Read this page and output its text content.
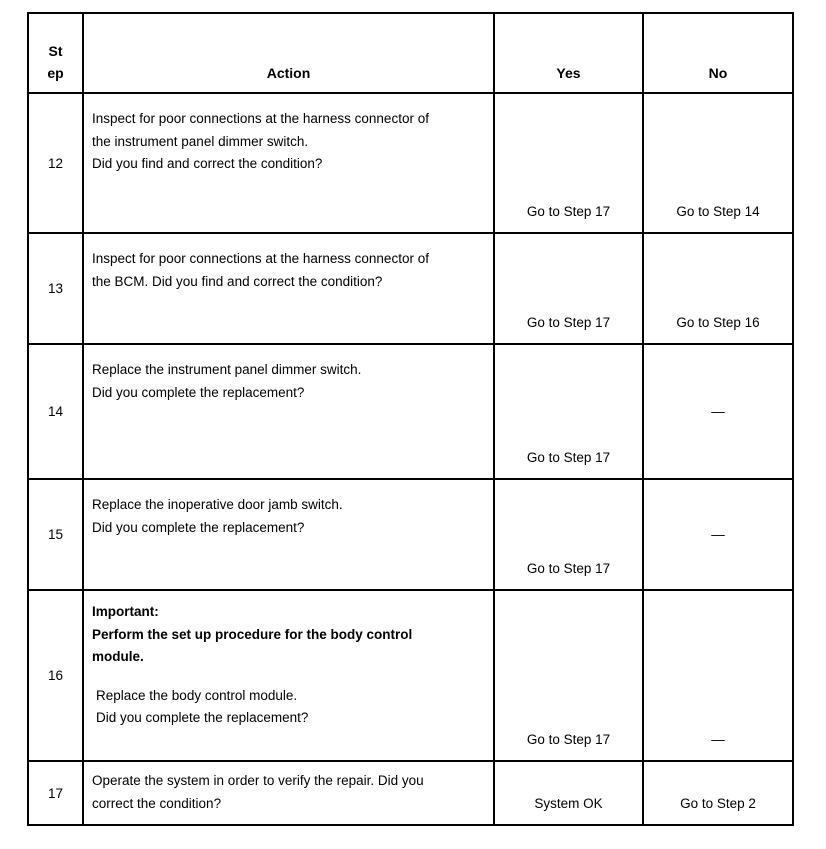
St
ep	Action	Yes	No

12	Inspect for poor connections at the harness connector of
the instrument panel dimmer switch.
Did you find and correct the condition?	Go to Step 17	Go to Step 14

13	Inspect for poor connections at the harness connector of
the BCM. Did you find and correct the condition?	Go to Step 17	Go to Step 16

14	Replace the instrument panel dimmer switch.
Did you complete the replacement?	Go to Step 17	—

15	Replace the inoperative door jamb switch.
Did you complete the replacement?	Go to Step 17	—

16	Important:
Perform the set up procedure for the body control
module.
Replace the body control module.
Did you complete the replacement?	Go to Step 17	—

17	Operate the system in order to verify the repair. Did you
correct the condition?	System OK	Go to Step 2
